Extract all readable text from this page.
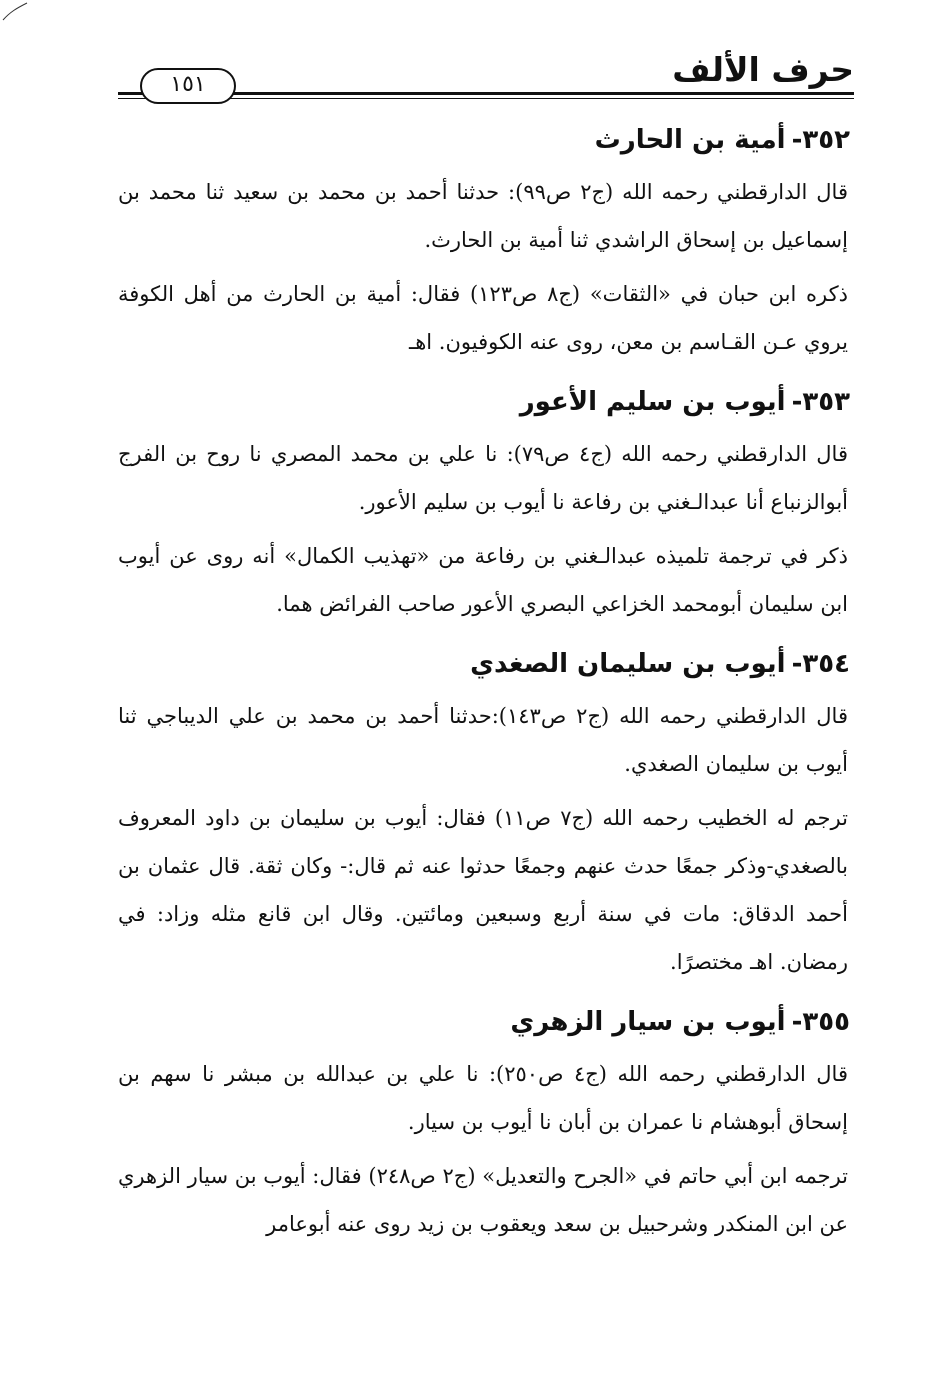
حرف الألف
١٥١
٣٥٢-أمية بن الحارث

قال الدارقطني رحمه الله (ج٢ ص٩٩): حدثنا أحمد بن محمد بن سعيد ثنا محمد بن إسماعيل بن إسحاق الراشدي ثنا أمية بن الحارث.

ذكره ابن حبان في «الثقات» (ج٨ ص١٢٣) فقال: أمية بن الحارث من أهل الكوفة يروي عـن القـاسم بن معن، روى عنه الكوفيون. اهـ

٣٥٣-أيوب بن سليم الأعور

قال الدارقطني رحمه الله (ج٤ ص٧٩): نا علي بن محمد المصري نا روح بن الفرج أبوالزنباع أنا عبدالـغني بن رفاعة نا أيوب بن سليم الأعور.

ذكر في ترجمة تلميذه عبدالـغني بن رفاعة من «تهذيب الكمال» أنه روى عن أيوب ابن سليمان أبومحمد الخزاعي البصري الأعور صاحب الفرائض هما.

٣٥٤-أيوب بن سليمان الصغدي

قال الدارقطني رحمه الله (ج٢ ص١٤٣):حدثنا أحمد بن محمد بن علي الديباجي ثنا أيوب بن سليمان الصغدي.

ترجم له الخطيب رحمه الله (ج٧ ص١١) فقال: أيوب بن سليمان بن داود المعروف بالصغدي-وذكر جمعًا حدث عنهم وجمعًا حدثوا عنه ثم قال:- وكان ثقة. قال عثمان بن أحمد الدقاق: مات في سنة أربع وسبعين ومائتين. وقال ابن قانع مثله وزاد: في رمضان. اهـ مختصرًا.

٣٥٥-أيوب بن سيار الزهري

قال الدارقطني رحمه الله (ج٤ ص٢٥٠): نا علي بن عبدالله بن مبشر نا سهم بن إسحاق أبوهشام نا عمران بن أبان نا أيوب بن سيار.

ترجمه ابن أبي حاتم في «الجرح والتعديل» (ج٢ ص٢٤٨) فقال: أيوب بن سيار الزهري عن ابن المنكدر وشرحبيل بن سعد ويعقوب بن زيد روى عنه أبوعامر
